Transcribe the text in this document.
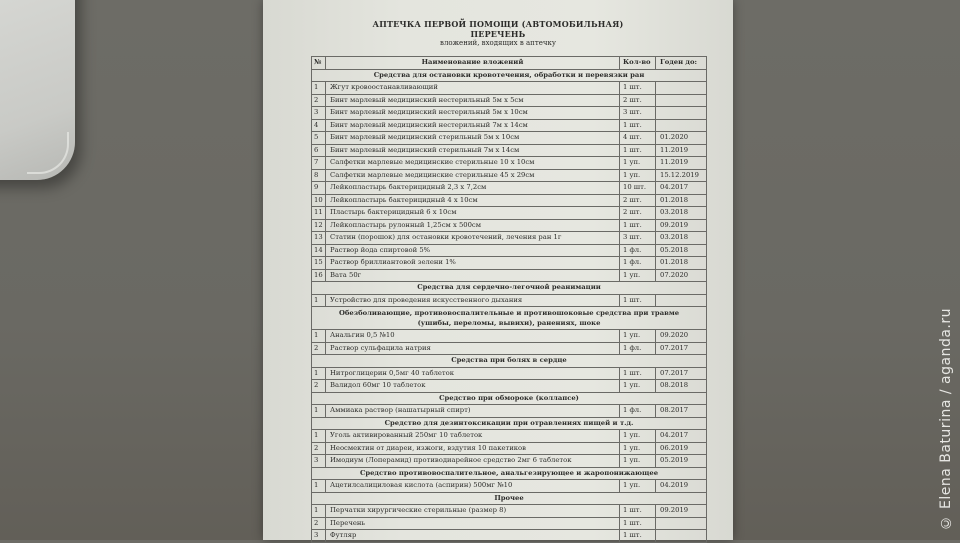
АПТЕЧКА ПЕРВОЙ ПОМОЩИ (АВТОМОБИЛЬНАЯ)
ПЕРЕЧЕНЬ
вложений, входящих в аптечку
№	Наименование вложений	Кол-во	Годен до:
Средства для остановки кровотечения, обработки и перевязки ран
1	Жгут кровоостанавливающий	1 шт.
2	Бинт марлевый медицинский нестерильный 5м х 5см	2 шт.
3	Бинт марлевый медицинский нестерильный 5м х 10см	3 шт.
4	Бинт марлевый медицинский нестерильный 7м х 14см	1 шт.
5	Бинт марлевый медицинский стерильный 5м х 10см	4 шт.	01.2020
6	Бинт марлевый медицинский стерильный 7м х 14см	1 шт.	11.2019
7	Салфетки марлевые медицинские стерильные 10 х 10см	1 уп.	11.2019
8	Салфетки марлевые медицинские стерильные 45 х 29см	1 уп.	15.12.2019
9	Лейкопластырь бактерицидный 2,3 х 7,2см	10 шт.	04.2017
10	Лейкопластырь бактерицидный 4 х 10см	2 шт.	01.2018
11	Пластырь бактерицидный 6 х 10см	2 шт.	03.2018
12	Лейкопластырь рулонный 1,25см х 500см	1 шт.	09.2019
13	Статин (порошок) для остановки кровотечений, лечения ран 1г	3 шт.	03.2018
14	Раствор йода спиртовой 5%	1 фл.	05.2018
15	Раствор бриллиантовой зелени 1%	1 фл.	01.2018
16	Вата 50г	1 уп.	07.2020
Средства для сердечно-легочной реанимации
1	Устройство для проведения искусственного дыхания	1 шт.
Обезболивающие, противовоспалительные и противошоковые средства при травме (ушибы, переломы, вывихи), ранениях, шоке
1	Анальгин 0,5 №10	1 уп.	09.2020
2	Раствор сульфацила натрия	1 фл.	07.2017
Средства при болях в сердце
1	Нитроглицерин 0,5мг 40 таблеток	1 шт.	07.2017
2	Валидол 60мг 10 таблеток	1 уп.	08.2018
Средство при обмороке (коллапсе)
1	Аммиака раствор (нашатырный спирт)	1 фл.	08.2017
Средство для дезинтоксикации при отравлениях пищей и т.д.
1	Уголь активированный 250мг 10 таблеток	1 уп.	04.2017
2	Неосмектин от диареи, изжоги, вздутия 10 пакетиков	1 уп.	06.2019
3	Имодиум (Лоперамид) противодиарейное средство 2мг 6 таблеток	1 уп.	05.2019
Средство противовоспалительное, анальгезирующее и жаропонижающее
1	Ацетилсалициловая кислота (аспирин) 500мг №10	1 уп.	04.2019
Прочее
1	Перчатки хирургические стерильные (размер 8)	1 шт.	09.2019
2	Перечень	1 шт.
3	Футляр	1 шт.
© Elena Baturina / aganda.ru
